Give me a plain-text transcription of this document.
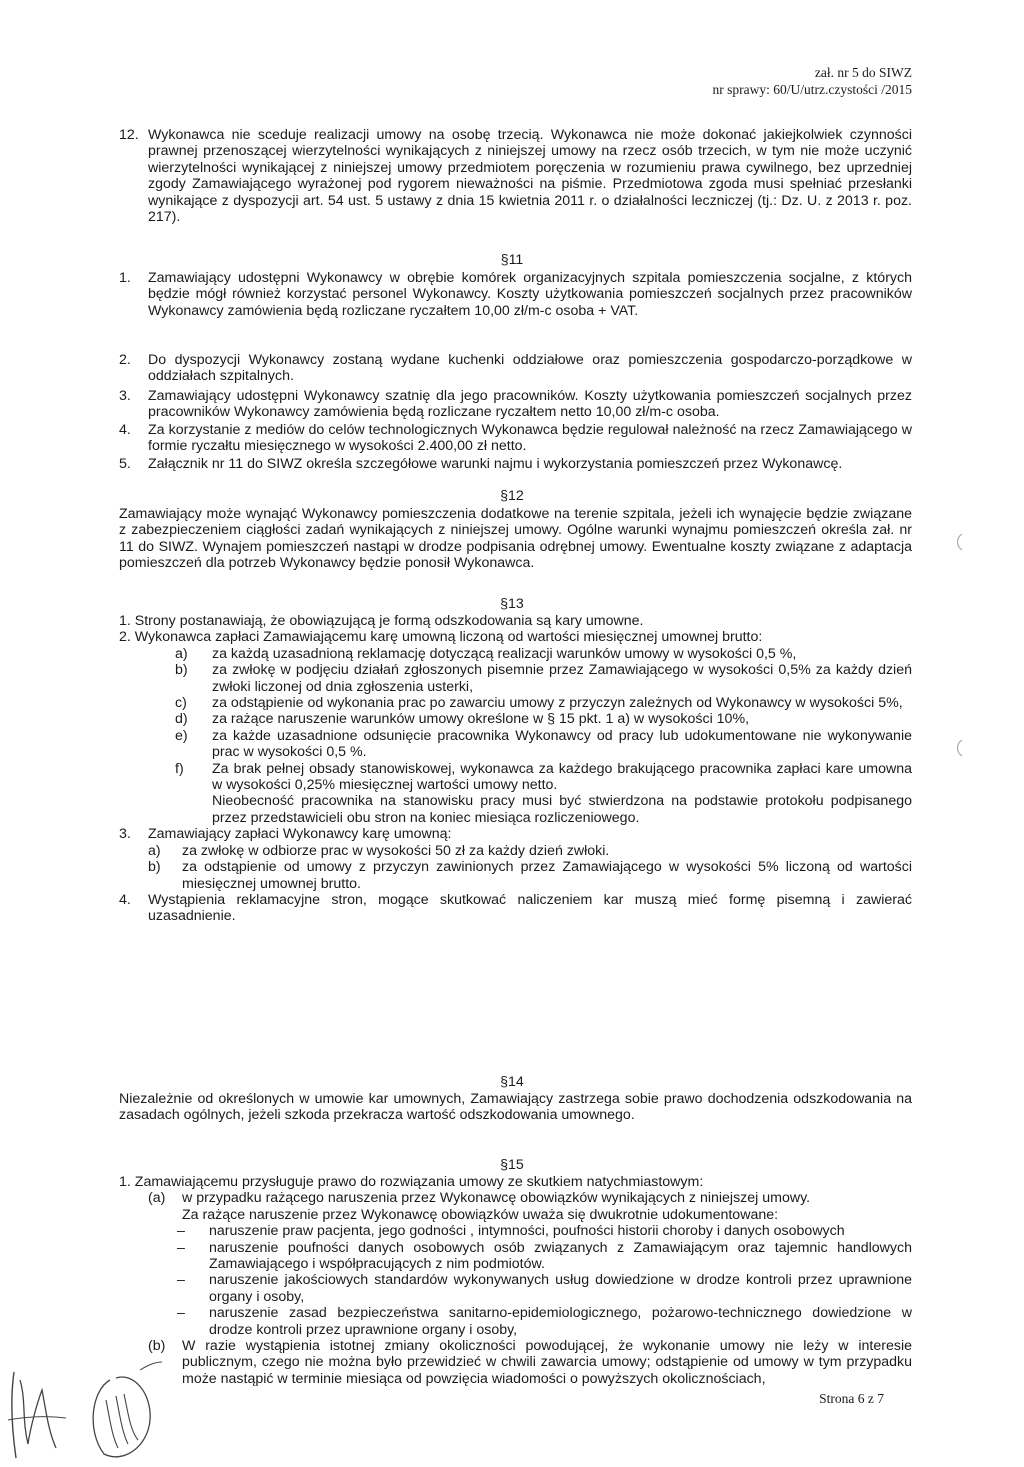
zał. nr 5 do SIWZ
nr sprawy: 60/U/utrz.czystości /2015
12. Wykonawca nie sceduje realizacji umowy na osobę trzecią. Wykonawca nie może dokonać jakiejkolwiek czynności prawnej przenoszącej wierzytelności wynikających z niniejszej umowy na rzecz osób trzecich, w tym nie może uczynić wierzytelności wynikającej z niniejszej umowy przedmiotem poręczenia w rozumieniu prawa cywilnego, bez uprzedniej zgody Zamawiającego wyrażonej pod rygorem nieważności na piśmie. Przedmiotowa zgoda musi spełniać przesłanki wynikające z dyspozycji art. 54 ust. 5 ustawy z dnia 15 kwietnia 2011 r. o działalności leczniczej (tj.: Dz. U. z 2013 r. poz. 217).
§11
1.	Zamawiający udostępni Wykonawcy w obrębie komórek organizacyjnych szpitala pomieszczenia socjalne, z których będzie mógł również korzystać personel Wykonawcy. Koszty użytkowania pomieszczeń socjalnych przez pracowników Wykonawcy zamówienia będą rozliczane ryczałtem 10,00 zł/m-c osoba + VAT.
2.	Do dyspozycji Wykonawcy zostaną wydane kuchenki oddziałowe oraz pomieszczenia gospodarczo-porządkowe w oddziałach szpitalnych.
3.	Zamawiający udostępni Wykonawcy szatnię dla jego pracowników. Koszty użytkowania pomieszczeń socjalnych przez pracowników Wykonawcy zamówienia będą rozliczane ryczałtem netto 10,00 zł/m-c osoba.
4.	Za korzystanie z mediów do celów technologicznych Wykonawca będzie regulował należność na rzecz Zamawiającego w formie ryczałtu miesięcznego w wysokości 2.400,00 zł netto.
5.	Załącznik nr 11 do SIWZ określa szczegółowe warunki najmu i wykorzystania pomieszczeń przez Wykonawcę.
§12
Zamawiający może wynająć Wykonawcy pomieszczenia dodatkowe na terenie szpitala, jeżeli ich wynajęcie będzie związane z zabezpieczeniem ciągłości zadań wynikających z niniejszej umowy. Ogólne warunki wynajmu pomieszczeń określa zał. nr 11 do SIWZ. Wynajem pomieszczeń nastąpi w drodze podpisania odrębnej umowy. Ewentualne koszty związane z adaptacja pomieszczeń dla potrzeb Wykonawcy będzie ponosił Wykonawca.
§13
1. Strony postanawiają, że obowiązującą je formą odszkodowania są kary umowne.
2. Wykonawca zapłaci Zamawiającemu karę umowną liczoną od wartości miesięcznej umownej brutto:
a)	za każdą uzasadnioną reklamację dotyczącą realizacji warunków umowy w wysokości 0,5 %,
b)	za zwłokę w podjęciu działań zgłoszonych pisemnie przez Zamawiającego w wysokości 0,5% za każdy dzień zwłoki liczonej od dnia zgłoszenia usterki,
c)	za odstąpienie od wykonania prac po zawarciu umowy z przyczyn zależnych od Wykonawcy w wysokości 5%,
d)	za rażące naruszenie warunków umowy określone w § 15 pkt. 1 a) w wysokości 10%,
e)	za każde uzasadnione odsunięcie pracownika Wykonawcy od pracy lub udokumentowane nie wykonywanie prac w wysokości 0,5 %.
f)	Za brak pełnej obsady stanowiskowej, wykonawca za każdego brakującego pracownika zapłaci kare umowna w wysokości 0,25% miesięcznej wartości umowy netto.
Nieobecność pracownika na stanowisku pracy musi być stwierdzona na podstawie protokołu podpisanego przez przedstawicieli obu stron na koniec miesiąca rozliczeniowego.
3.	Zamawiający zapłaci Wykonawcy karę umowną:
a)	za zwłokę w odbiorze prac w wysokości 50 zł za każdy dzień zwłoki.
b)	za odstąpienie od umowy z przyczyn zawinionych przez Zamawiającego w wysokości 5% liczoną od wartości miesięcznej umownej brutto.
4.	Wystąpienia reklamacyjne stron, mogące skutkować naliczeniem kar muszą mieć formę pisemną i zawierać uzasadnienie.
§14
Niezależnie od określonych w umowie kar umownych, Zamawiający zastrzega sobie prawo dochodzenia odszkodowania na zasadach ogólnych, jeżeli szkoda przekracza wartość odszkodowania umownego.
§15
1. Zamawiającemu przysługuje prawo do rozwiązania umowy ze skutkiem natychmiastowym:
(a)	w przypadku rażącego naruszenia przez Wykonawcę obowiązków wynikających z niniejszej umowy.
Za rażące naruszenie przez Wykonawcę obowiązków uważa się dwukrotnie udokumentowane:
–	naruszenie praw pacjenta, jego godności , intymności, poufności historii choroby i danych osobowych
–	naruszenie poufności danych osobowych osób związanych z Zamawiającym oraz tajemnic handlowych Zamawiającego i współpracujących z nim podmiotów.
–	naruszenie jakościowych standardów wykonywanych usług dowiedzione w drodze kontroli przez uprawnione organy i osoby,
–	naruszenie zasad bezpieczeństwa sanitarno-epidemiologicznego, pożarowo-technicznego dowiedzione w drodze kontroli przez uprawnione organy i osoby,
(b)	W razie wystąpienia istotnej zmiany okoliczności powodującej, że wykonanie umowy nie leży w interesie publicznym, czego nie można było przewidzieć w chwili zawarcia umowy; odstąpienie od umowy w tym przypadku może nastąpić w terminie miesiąca od powzięcia wiadomości o powyższych okolicznościach,
Strona 6 z 7
